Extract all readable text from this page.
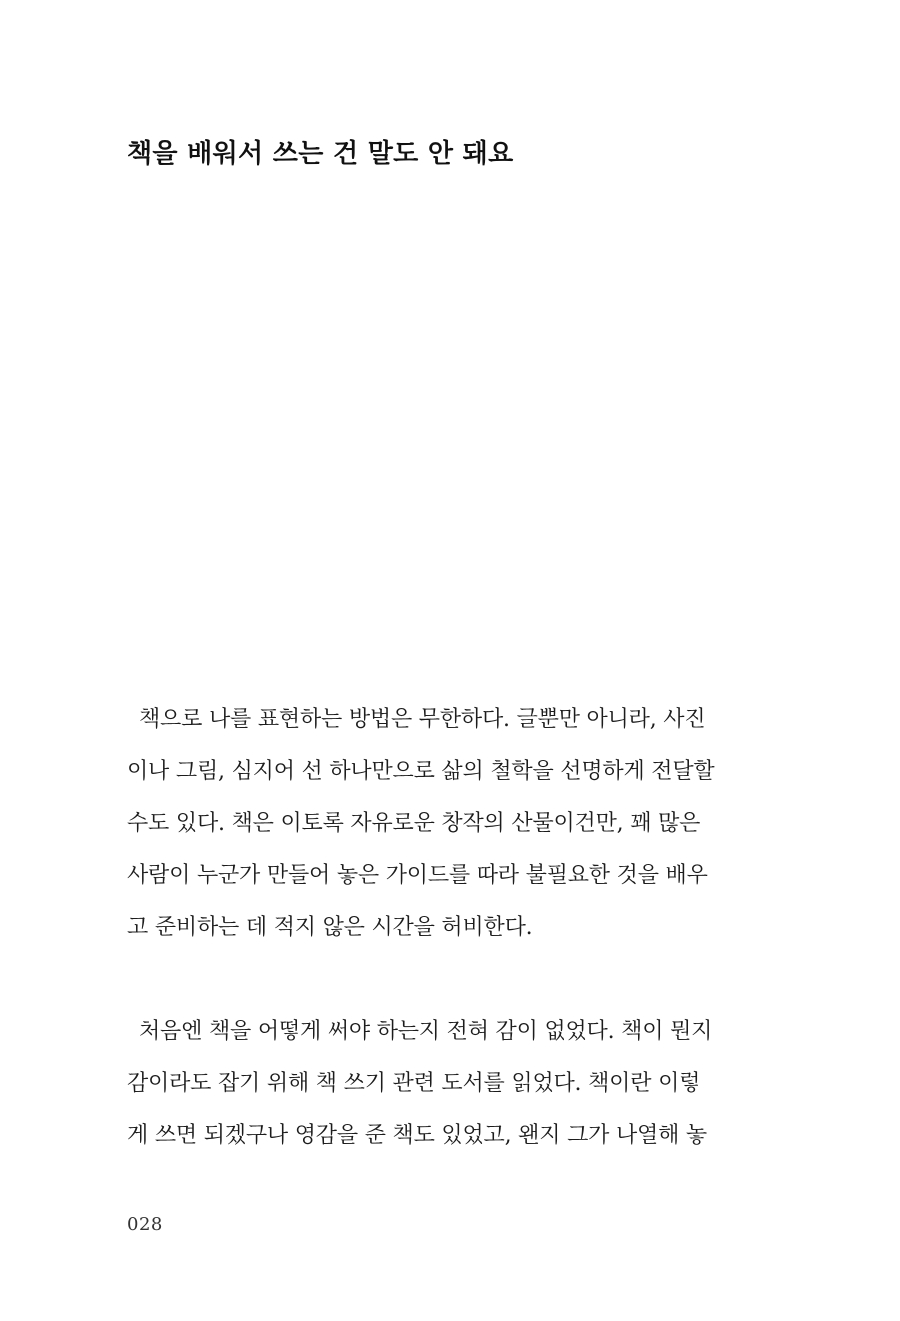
책을 배워서 쓰는 건 말도 안 돼요

책으로 나를 표현하는 방법은 무한하다. 글뿐만 아니라, 사진
이나 그림, 심지어 선 하나만으로 삶의 철학을 선명하게 전달할
수도 있다. 책은 이토록 자유로운 창작의 산물이건만, 꽤 많은
사람이 누군가 만들어 놓은 가이드를 따라 불필요한 것을 배우
고 준비하는 데 적지 않은 시간을 허비한다.

처음엔 책을 어떻게 써야 하는지 전혀 감이 없었다. 책이 뭔지
감이라도 잡기 위해 책 쓰기 관련 도서를 읽었다. 책이란 이렇
게 쓰면 되겠구나 영감을 준 책도 있었고, 왠지 그가 나열해 놓

028
